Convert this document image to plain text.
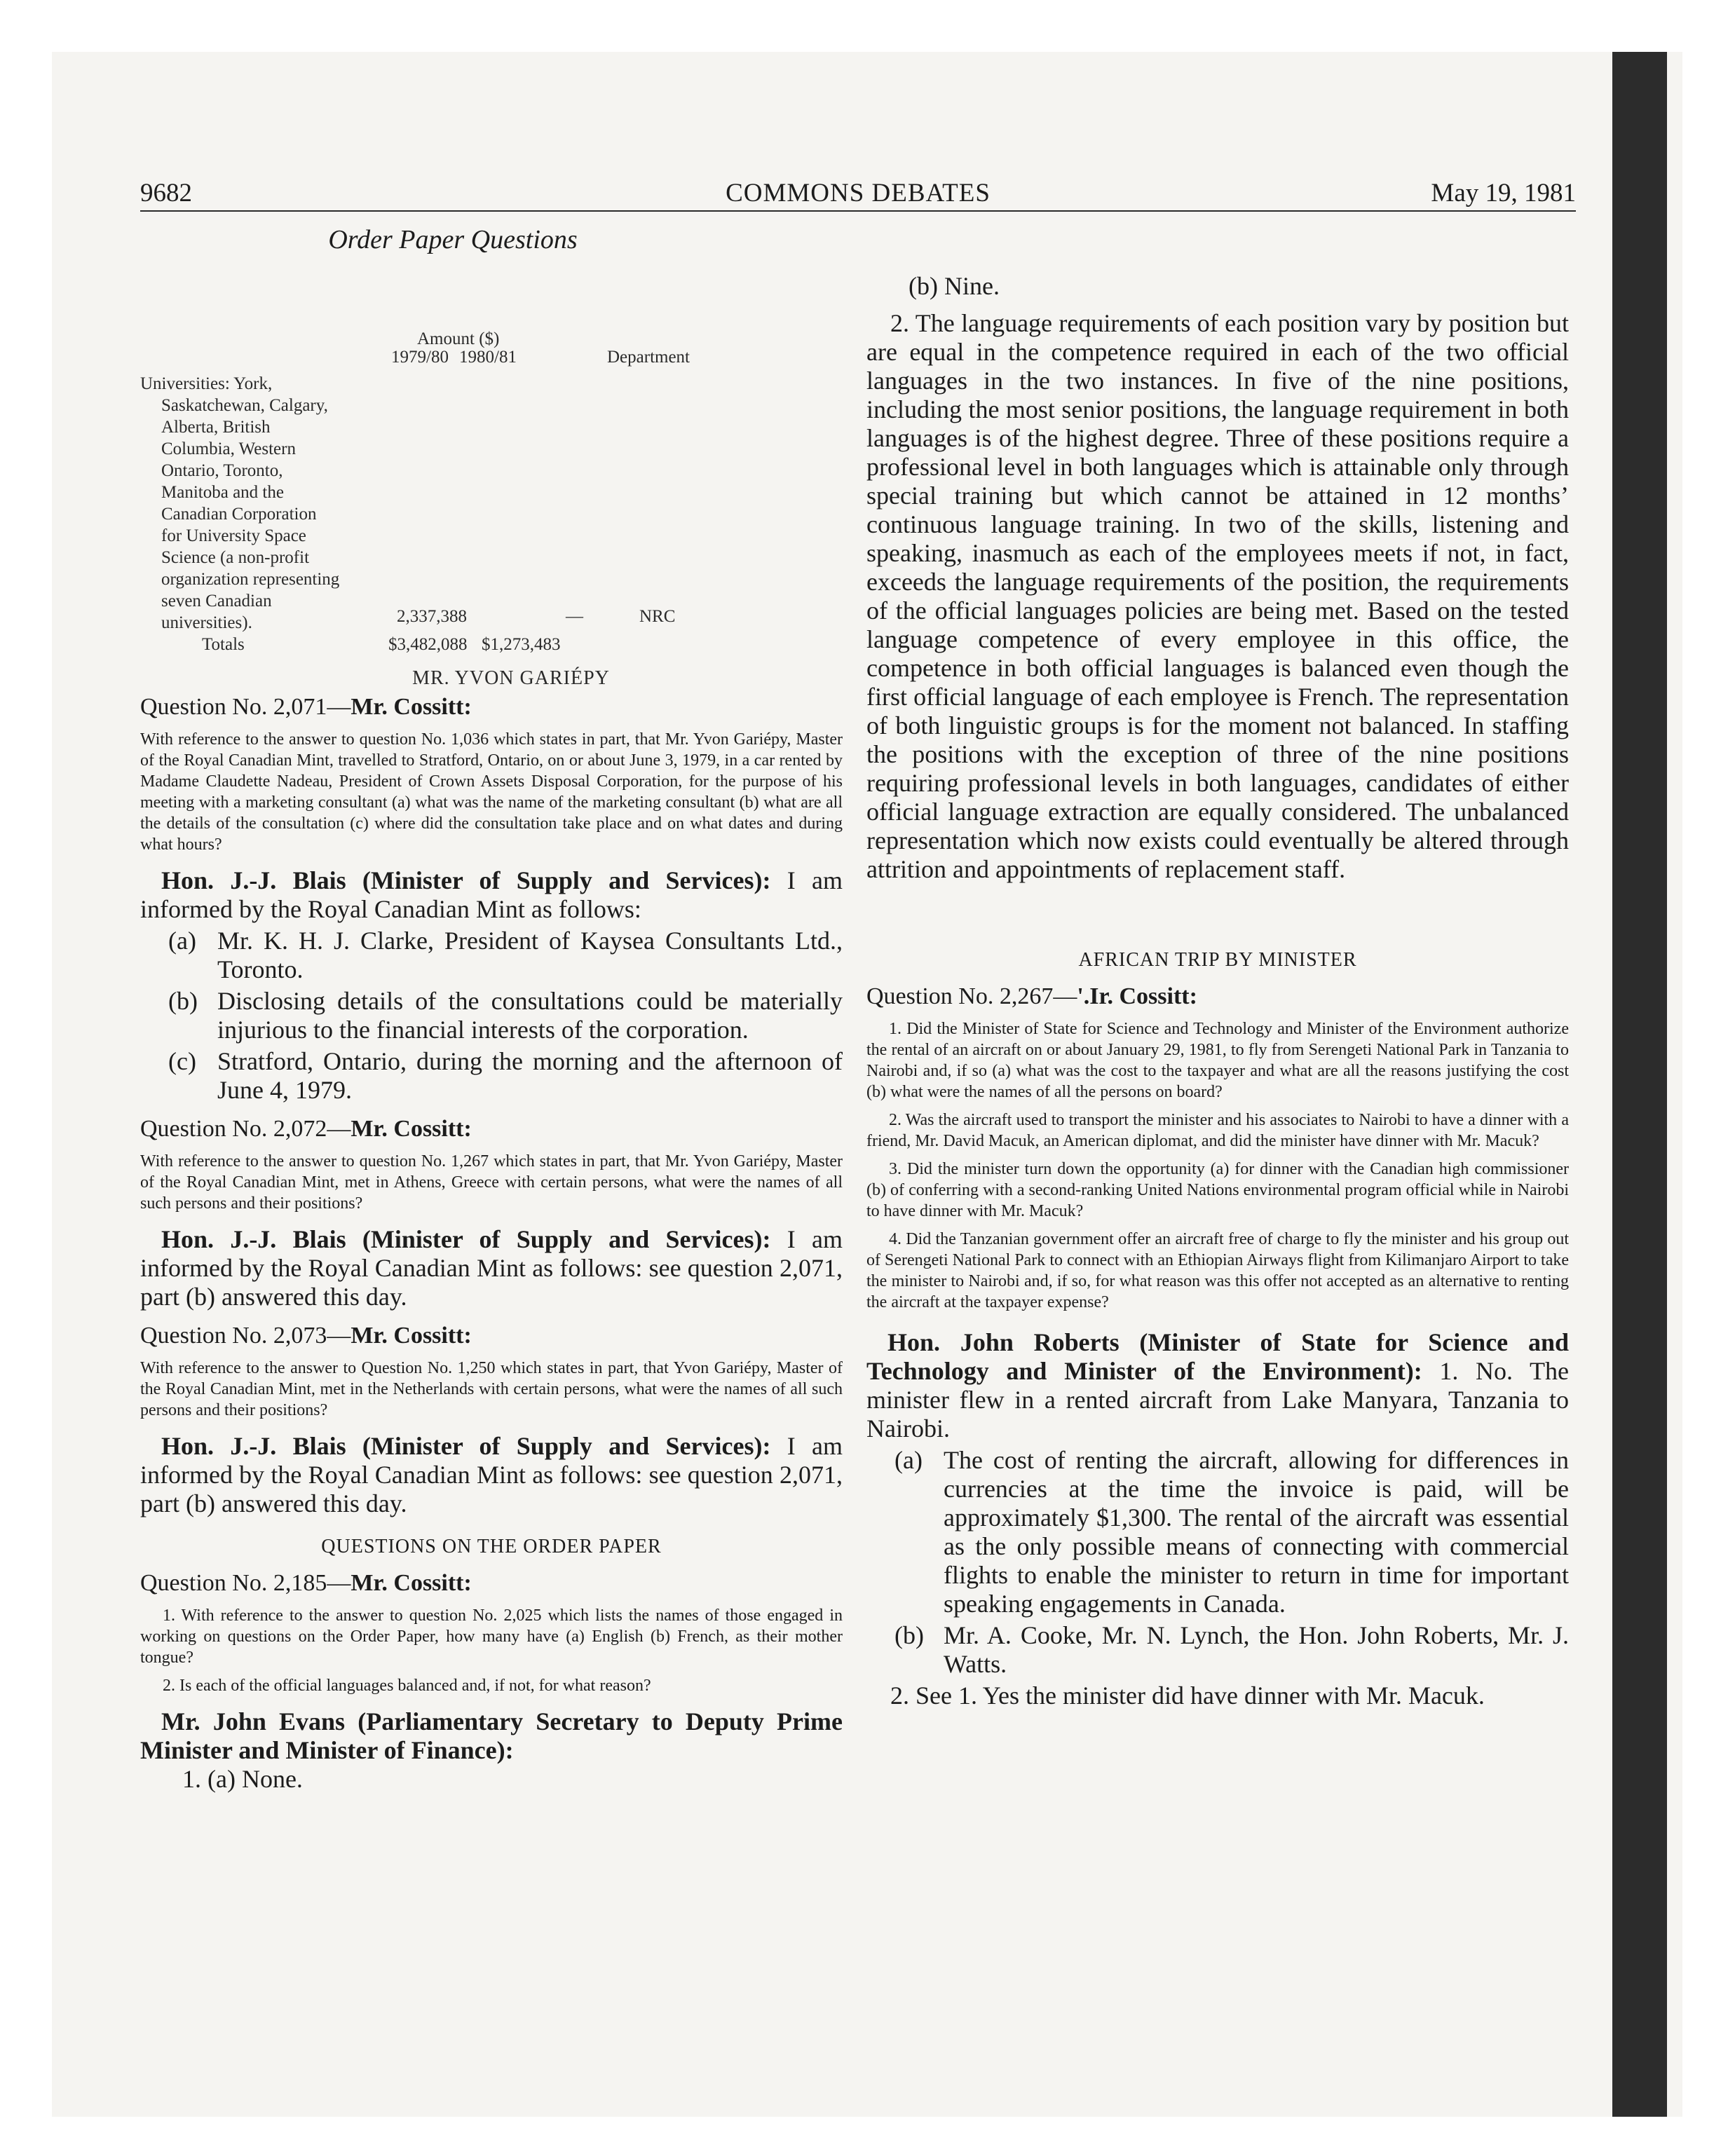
9682	COMMONS DEBATES	May 19, 1981

Order Paper Questions

Amount ($)
1979/80 1980/81	Department
Universities: York,
Saskatchewan, Calgary,
Alberta, British
Columbia, Western
Ontario, Toronto,
Manitoba and the
Canadian Corporation
for University Space
Science (a non-profit
organization representing
seven Canadian
universities).	2,337,388	—	NRC
Totals	$3,482,088 $1,273,483
MR. YVON GARIÉPY

Question No. 2,071—Mr. Cossitt:

With reference to the answer to question No. 1,036 which states in part, that Mr. Yvon Gariépy, Master of the Royal Canadian Mint, travelled to Stratford, Ontario, on or about June 3, 1979, in a car rented by Madame Claudette Nadeau, President of Crown Assets Disposal Corporation, for the purpose of his meeting with a marketing consultant (a) what was the name of the marketing consultant (b) what are all the details of the consultation (c) where did the consultation take place and on what dates and during what hours?

Hon. J.-J. Blais (Minister of Supply and Services): I am informed by the Royal Canadian Mint as follows:

(a) Mr. K. H. J. Clarke, President of Kaysea Consultants Ltd., Toronto.
(b) Disclosing details of the consultations could be materially injurious to the financial interests of the corporation.
(c) Stratford, Ontario, during the morning and the afternoon of June 4, 1979.

Question No. 2,072—Mr. Cossitt:

With reference to the answer to question No. 1,267 which states in part, that Mr. Yvon Gariépy, Master of the Royal Canadian Mint, met in Athens, Greece with certain persons, what were the names of all such persons and their positions?

Hon. J.-J. Blais (Minister of Supply and Services): I am informed by the Royal Canadian Mint as follows: see question 2,071, part (b) answered this day.

Question No. 2,073—Mr. Cossitt:

With reference to the answer to Question No. 1,250 which states in part, that Yvon Gariépy, Master of the Royal Canadian Mint, met in the Netherlands with certain persons, what were the names of all such persons and their positions?

Hon. J.-J. Blais (Minister of Supply and Services): I am informed by the Royal Canadian Mint as follows: see question 2,071, part (b) answered this day.

QUESTIONS ON THE ORDER PAPER

Question No. 2,185—Mr. Cossitt:

1. With reference to the answer to question No. 2,025 which lists the names of those engaged in working on questions on the Order Paper, how many have (a) English (b) French, as their mother tongue?

2. Is each of the official languages balanced and, if not, for what reason?

Mr. John Evans (Parliamentary Secretary to Deputy Prime Minister and Minister of Finance):

1. (a) None.

(b) Nine.

2. The language requirements of each position vary by position but are equal in the competence required in each of the two official languages in the two instances. In five of the nine positions, including the most senior positions, the language requirement in both languages is of the highest degree. Three of these positions require a professional level in both languages which is attainable only through special training but which cannot be attained in 12 months’ continuous language training. In two of the skills, listening and speaking, inasmuch as each of the employees meets if not, in fact, exceeds the language requirements of the position, the requirements of the official languages policies are being met. Based on the tested language competence of every employee in this office, the competence in both official languages is balanced even though the first official language of each employee is French. The representation of both linguistic groups is for the moment not balanced. In staffing the positions with the exception of three of the nine positions requiring professional levels in both languages, candidates of either official language extraction are equally considered. The unbalanced representation which now exists could eventually be altered through attrition and appointments of replacement staff.

AFRICAN TRIP BY MINISTER

Question No. 2,267—'.Ir. Cossitt:

1. Did the Minister of State for Science and Technology and Minister of the Environment authorize the rental of an aircraft on or about January 29, 1981, to fly from Serengeti National Park in Tanzania to Nairobi and, if so (a) what was the cost to the taxpayer and what are all the reasons justifying the cost (b) what were the names of all the persons on board?

2. Was the aircraft used to transport the minister and his associates to Nairobi to have a dinner with a friend, Mr. David Macuk, an American diplomat, and did the minister have dinner with Mr. Macuk?

3. Did the minister turn down the opportunity (a) for dinner with the Canadian high commissioner (b) of conferring with a second-ranking United Nations environmental program official while in Nairobi to have dinner with Mr. Macuk?

4. Did the Tanzanian government offer an aircraft free of charge to fly the minister and his group out of Serengeti National Park to connect with an Ethiopian Airways flight from Kilimanjaro Airport to take the minister to Nairobi and, if so, for what reason was this offer not accepted as an alternative to renting the aircraft at the taxpayer expense?

Hon. John Roberts (Minister of State for Science and Technology and Minister of the Environment): 1. No. The minister flew in a rented aircraft from Lake Manyara, Tanzania to Nairobi.

(a) The cost of renting the aircraft, allowing for differences in currencies at the time the invoice is paid, will be approximately $1,300. The rental of the aircraft was essential as the only possible means of connecting with commercial flights to enable the minister to return in time for important speaking engagements in Canada.
(b) Mr. A. Cooke, Mr. N. Lynch, the Hon. John Roberts, Mr. J. Watts.

2. See 1. Yes the minister did have dinner with Mr. Macuk.
